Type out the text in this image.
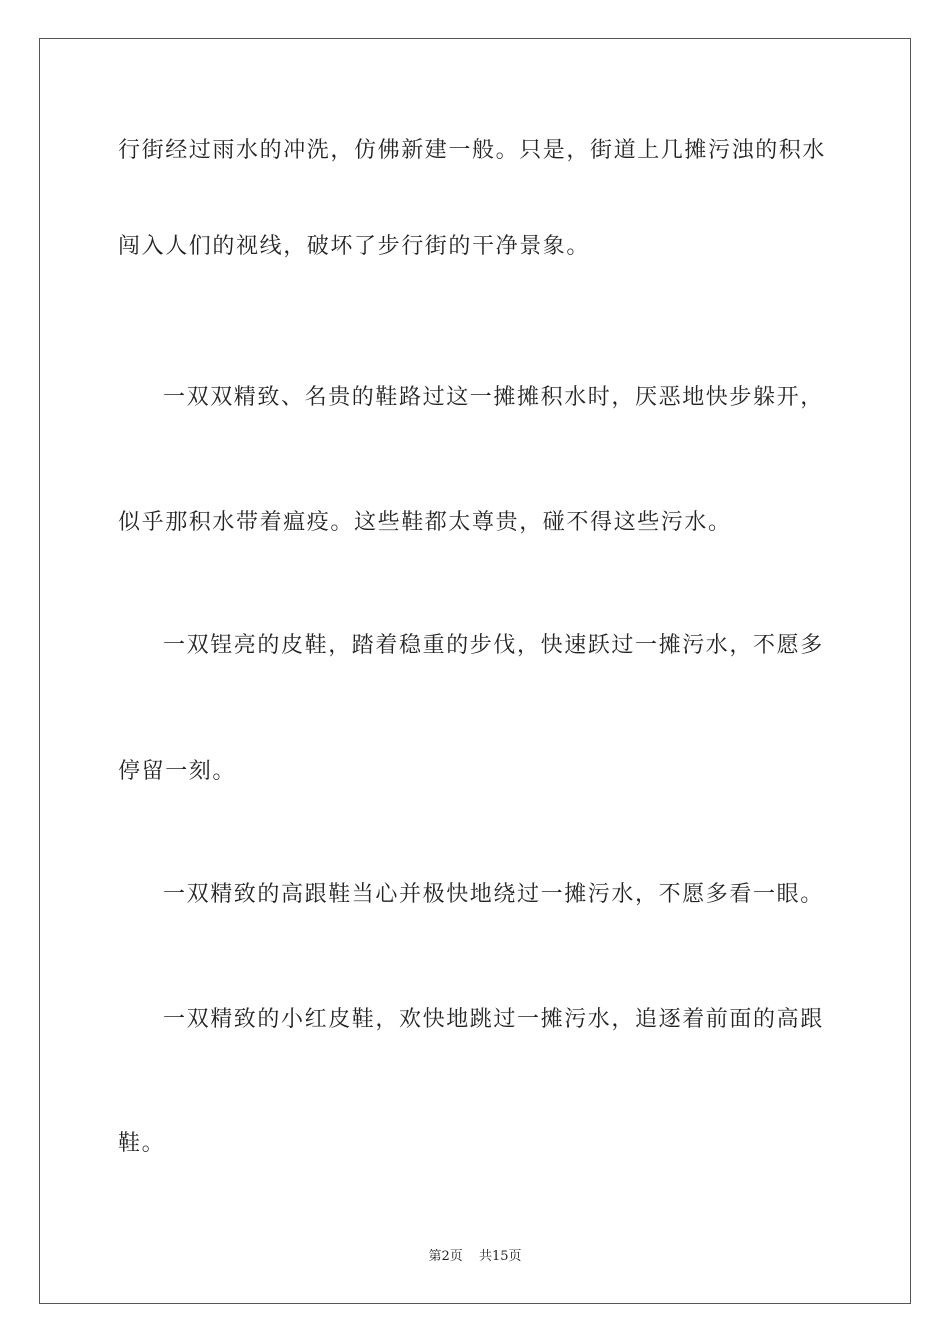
行街经过雨水的冲洗，仿佛新建一般。只是，街道上几摊污浊的积水
闯入人们的视线，破坏了步行街的干净景象。
一双双精致、名贵的鞋路过这一摊摊积水时，厌恶地快步躲开，
似乎那积水带着瘟疫。这些鞋都太尊贵，碰不得这些污水。
一双锃亮的皮鞋，踏着稳重的步伐，快速跃过一摊污水，不愿多
停留一刻。
一双精致的高跟鞋当心并极快地绕过一摊污水，不愿多看一眼。
一双精致的小红皮鞋，欢快地跳过一摊污水，追逐着前面的高跟
鞋。
第2页 共15页
